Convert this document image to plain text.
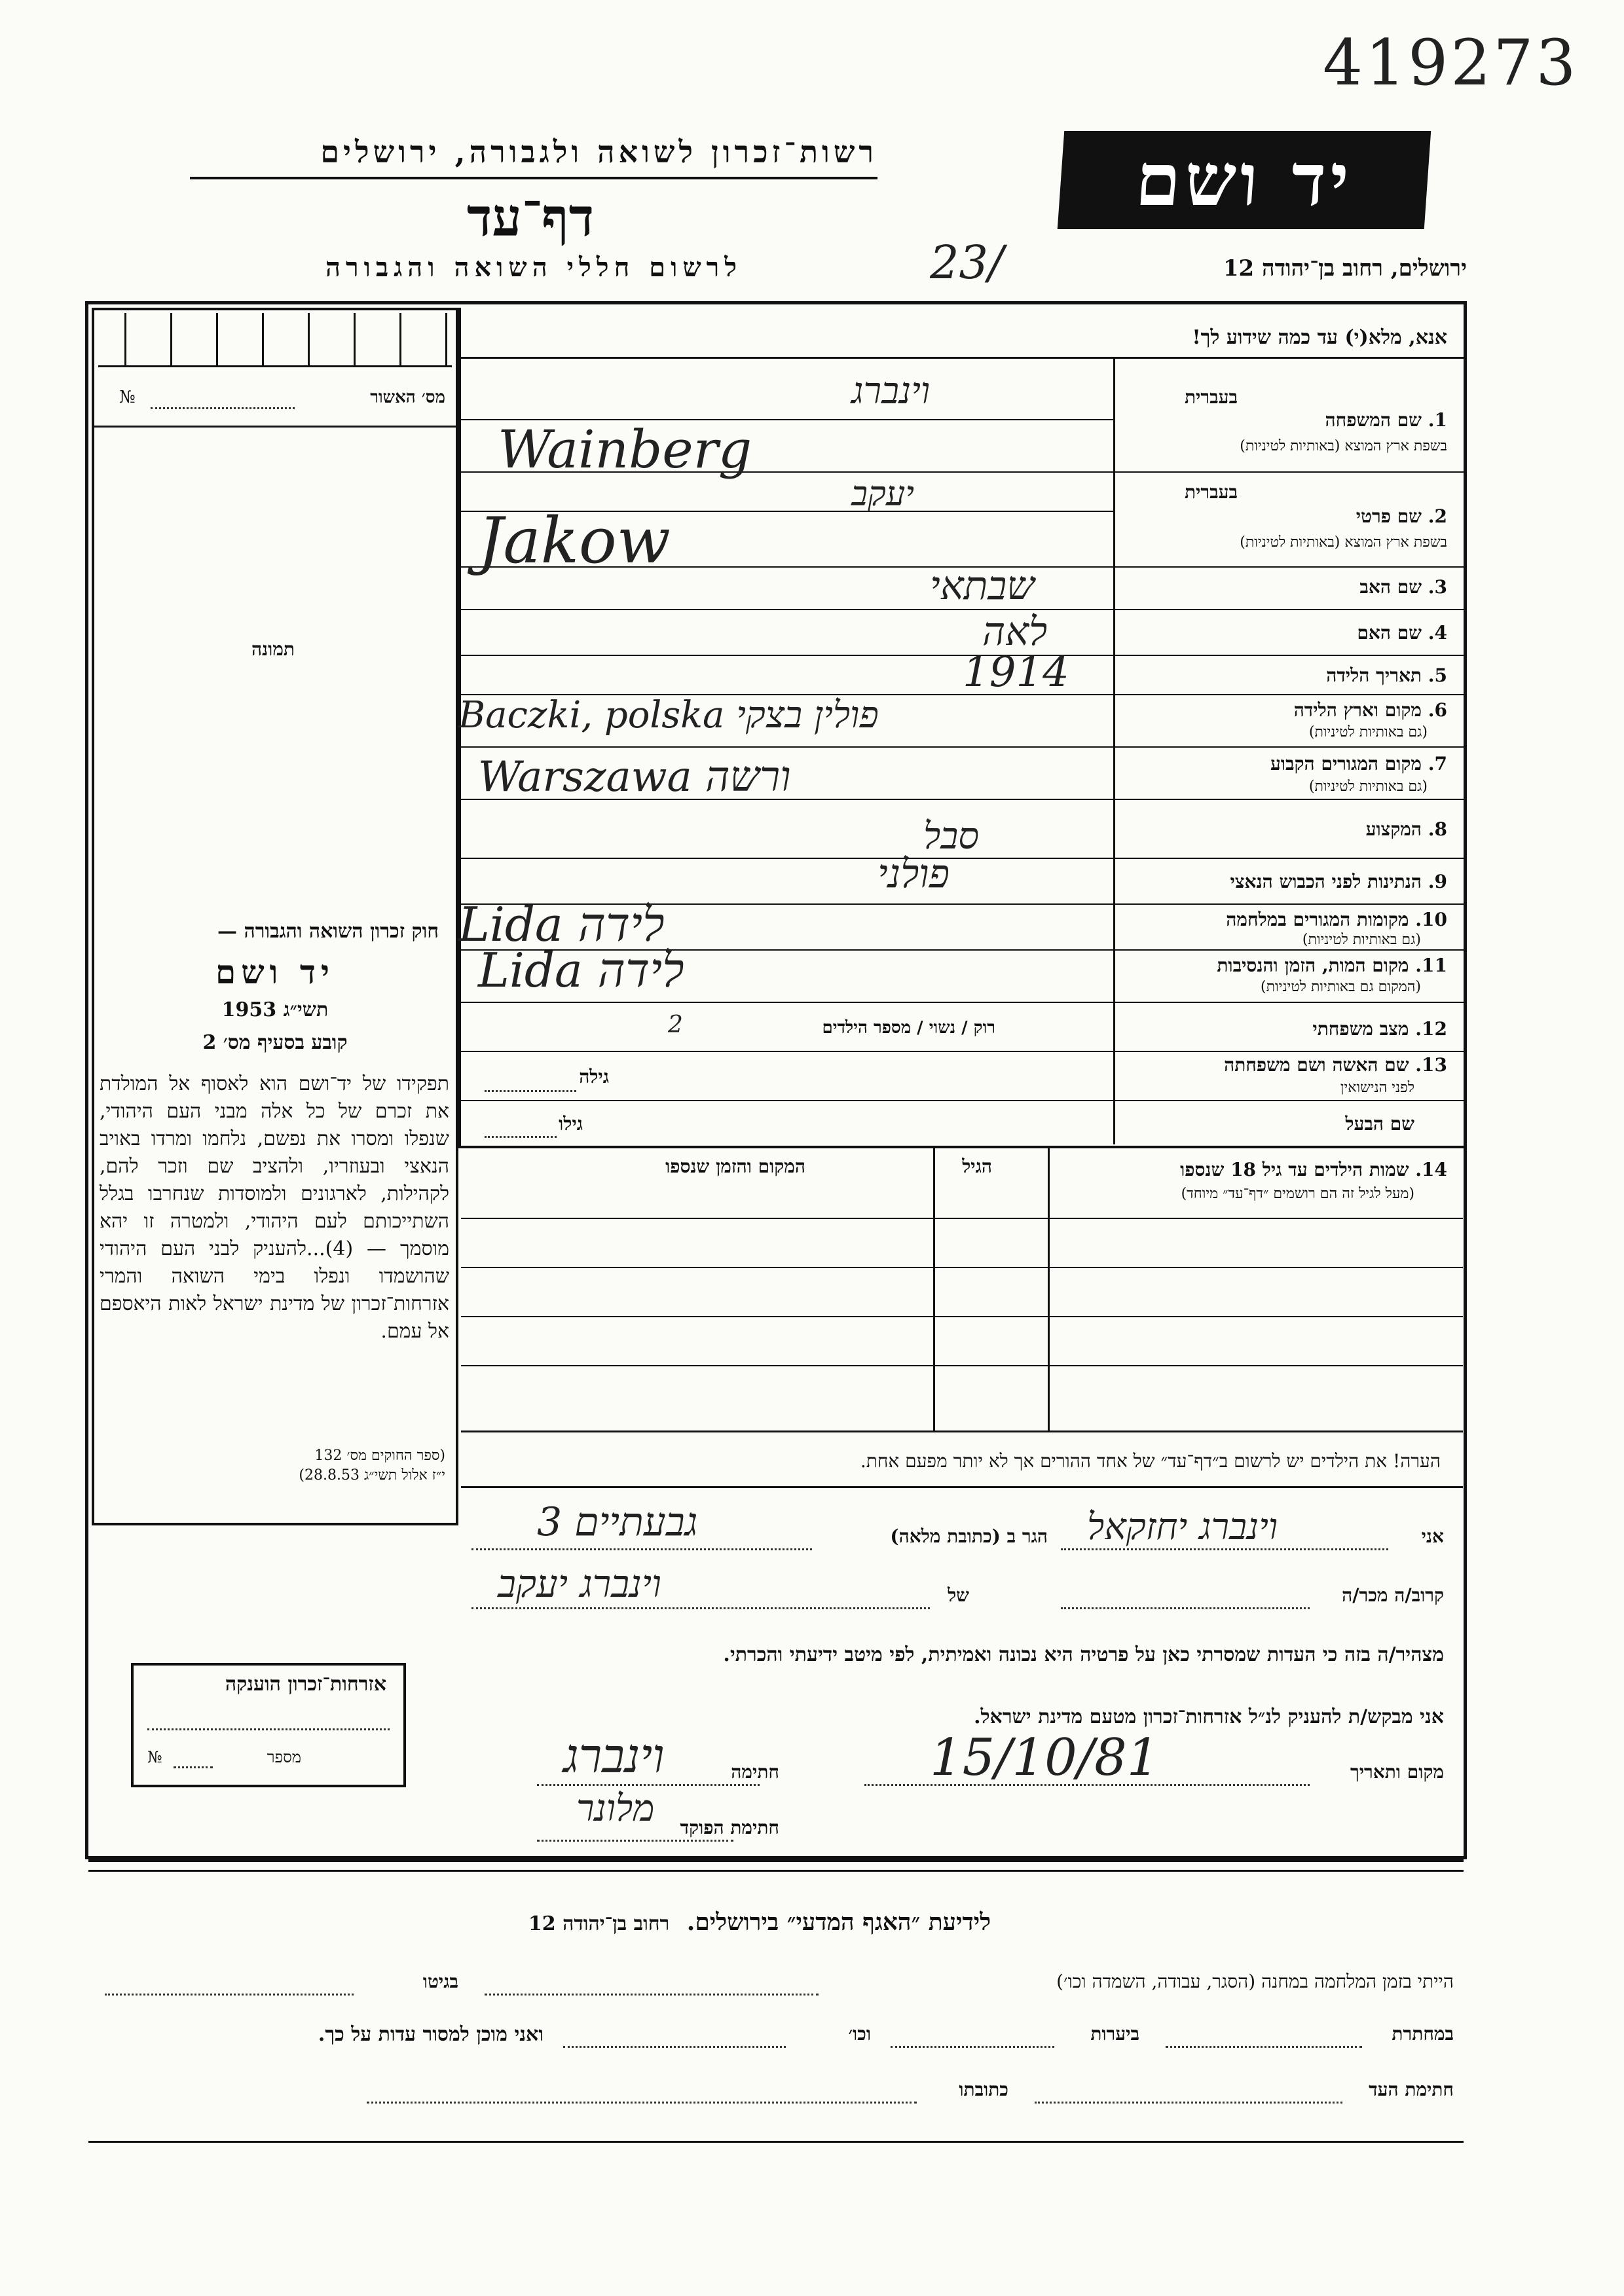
419273
רשות־זכרון לשואה ולגבורה, ירושלים
דף־עד
לרשום חללי השואה והגבורה	23/
יד ושם
ירושלים, רחוב בן־יהודה 12
מס׳ האשור
№
תמונה
חוק זכרון השואה והגבורה —
יד ושם
תשי״ג 1953
קובע בסעיף מס׳ 2
תפקידו של יד־ושם הוא לאסוף אל המולדת את זכרם של כל אלה מבני העם היהודי, שנפלו ומסרו את נפשם, נלחמו ומרדו באויב הנאצי ובעוזריו, ולהציב שם וזכר להם, לקהילות, לארגונים ולמוסדות שנחרבו בגלל השתייכותם לעם היהודי, ולמטרה זו יהא מוסמך — (4)...להעניק לבני העם היהודי שהושמדו ונפלו בימי השואה והמרי אזרחות־זכרון של מדינת ישראל לאות היאספם אל עמם.
(ספר החוקים מס׳ 132
י״ז אלול תשי״ג 28.8.53)
אנא, מלא(י) עד כמה שידוע לך!
בעברית
1. שם המשפחה
בשפת ארץ המוצא (באותיות לטיניות)
בעברית
2. שם פרטי
בשפת ארץ המוצא (באותיות לטיניות)
3. שם האב
4. שם האם
5. תאריך הלידה
6. מקום וארץ הלידה
(גם באותיות לטיניות)
7. מקום המגורים הקבוע
(גם באותיות לטיניות)
8. המקצוע
9. הנתינות לפני הכבוש הנאצי
10. מקומות המגורים במלחמה
(גם באותיות לטיניות)
11. מקום המות, הזמן והנסיבות
(המקום גם באותיות לטיניות)
12. מצב משפחתי
13. שם האשה ושם משפחתה
לפני הנישואין
שם הבעל
וינברג
Wainberg
יעקב
Jakow
שבתאי
לאה
1914
Baczki, polska פולין בצקי
Warszawa ורשה
סבל
פולני
Lida לידה
Lida לידה
רוק / נשוי / מספר הילדים
2
גילה
גילו
14. שמות הילדים עד גיל 18 שנספו
(מעל לגיל זה הם רושמים ״דף־עד״ מיוחד)
הגיל
המקום והזמן שנספו
הערה! את הילדים יש לרשום ב״דף־עד״ של אחד ההורים אך לא יותר מפעם אחת.
אני
וינברג יחזקאל
הגר ב (כתובת מלאה)
גבעתיים 3
קרוב/ה מכר/ה
של
וינברג יעקב
מצהיר/ה בזה כי העדות שמסרתי כאן על פרטיה היא נכונה ואמיתית, לפי מיטב ידיעתי והכרתי.
אני מבקש/ת להעניק לנ״ל אזרחות־זכרון מטעם מדינת ישראל.
מקום ותאריך
15/10/81
חתימה
וינברג
חתימת הפוקד
מלונר
אזרחות־זכרון הוענקה
מספר
№
לידיעת ״האגף המדעי״ בירושלים. רחוב בן־יהודה 12
הייתי בזמן המלחמה במחנה (הסגר, עבודה, השמדה וכו׳)
בגיטו
במחתרת
ביערות
וכו׳
ואני מוכן למסור עדות על כך.
חתימת העד
כתובתו
